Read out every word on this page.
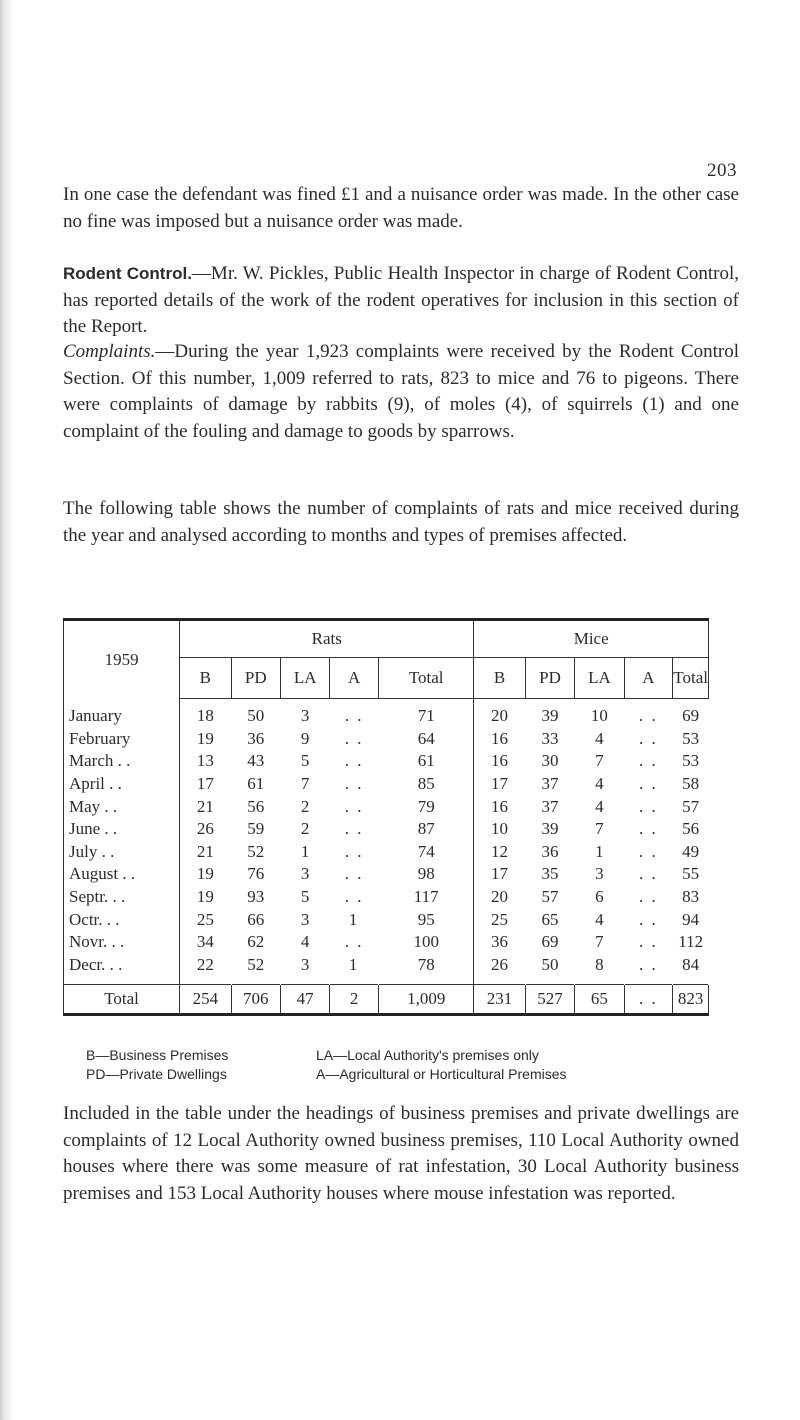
203

In one case the defendant was fined £1 and a nuisance order was made. In the other case no fine was imposed but a nuisance order was made.

Rodent Control.—Mr. W. Pickles, Public Health Inspector in charge of Rodent Control, has reported details of the work of the rodent operatives for inclusion in this section of the Report.

Complaints.—During the year 1,923 complaints were received by the Rodent Control Section. Of this number, 1,009 referred to rats, 823 to mice and 76 to pigeons. There were complaints of damage by rabbits (9), of moles (4), of squirrels (1) and one complaint of the fouling and damage to goods by sparrows.

The following table shows the number of complaints of rats and mice received during the year and analysed according to months and types of premises affected.

1959	Rats					Mice				
	B	PD	LA	A	Total	B	PD	LA	A	Total
January	18	50	3	. .	71	20	39	10	. .	69
February	19	36	9	. .	64	16	33	4	. .	53
March . .	13	43	5	. .	61	16	30	7	. .	53
April . .	17	61	7	. .	85	17	37	4	. .	58
May . .	21	56	2	. .	79	16	37	4	. .	57
June . .	26	59	2	. .	87	10	39	7	. .	56
July . .	21	52	1	. .	74	12	36	1	. .	49
August . .	19	76	3	. .	98	17	35	3	. .	55
Septr. . .	19	93	5	. .	117	20	57	6	. .	83
Octr. . .	25	66	3	1	95	25	65	4	. .	94
Novr. . .	34	62	4	. .	100	36	69	7	. .	112
Decr. . .	22	52	3	1	78	26	50	8	. .	84
Total	254	706	47	2	1,009	231	527	65	. .	823
B—Business Premises	LA—Local Authority's premises only
PD—Private Dwellings	A—Agricultural or Horticultural Premises

Included in the table under the headings of business premises and private dwellings are complaints of 12 Local Authority owned business premises, 110 Local Authority owned houses where there was some measure of rat infestation, 30 Local Authority business premises and 153 Local Authority houses where mouse infestation was reported.
